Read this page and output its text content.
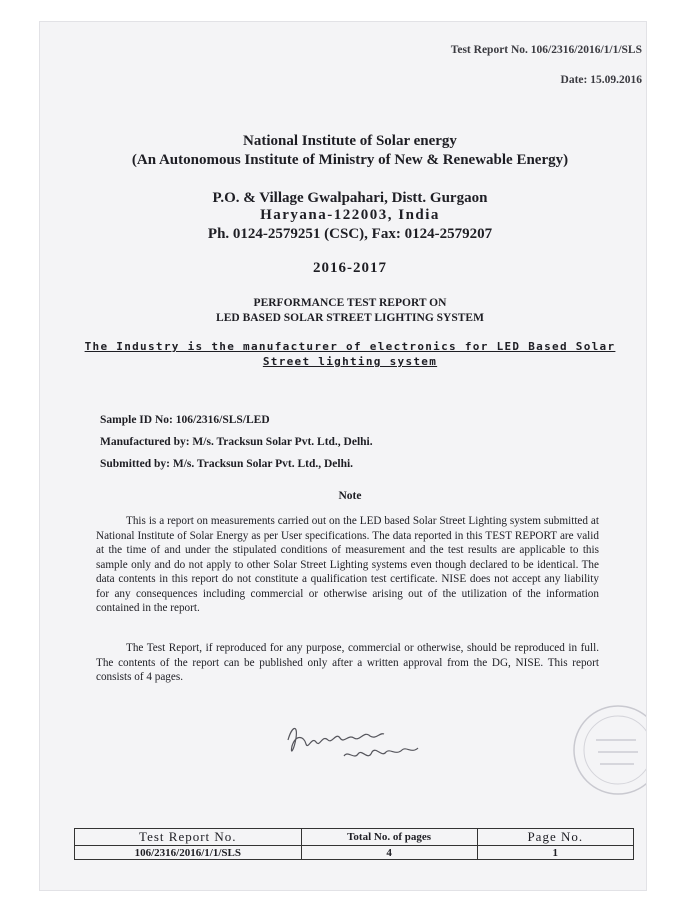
Test Report No. 106/2316/2016/1/1/SLS
Date: 15.09.2016
National Institute of Solar energy
(An Autonomous Institute of Ministry of New & Renewable Energy)
P.O. & Village Gwalpahari, Distt. Gurgaon
Haryana-122003, India
Ph. 0124-2579251 (CSC), Fax: 0124-2579207
2016-2017
PERFORMANCE TEST REPORT ON
LED BASED SOLAR STREET LIGHTING SYSTEM
The Industry is the manufacturer of electronics for LED Based Solar
Street lighting system
Sample ID No: 106/2316/SLS/LED
Manufactured by: M/s. Tracksun Solar Pvt. Ltd., Delhi.
Submitted by: M/s. Tracksun Solar Pvt. Ltd., Delhi.
Note

This is a report on measurements carried out on the LED based Solar Street Lighting system submitted at National Institute of Solar Energy as per User specifications. The data reported in this TEST REPORT are valid at the time of and under the stipulated conditions of measurement and the test results are applicable to this sample only and do not apply to other Solar Street Lighting systems even though declared to be identical. The data contents in this report do not constitute a qualification test certificate. NISE does not accept any liability for any consequences including commercial or otherwise arising out of the utilization of the information contained in the report.

The Test Report, if reproduced for any purpose, commercial or otherwise, should be reproduced in full. The contents of the report can be published only after a written approval from the DG, NISE. This report consists of 4 pages.

Test Report No.	Total No. of pages	Page No.
106/2316/2016/1/1/SLS	4	1
